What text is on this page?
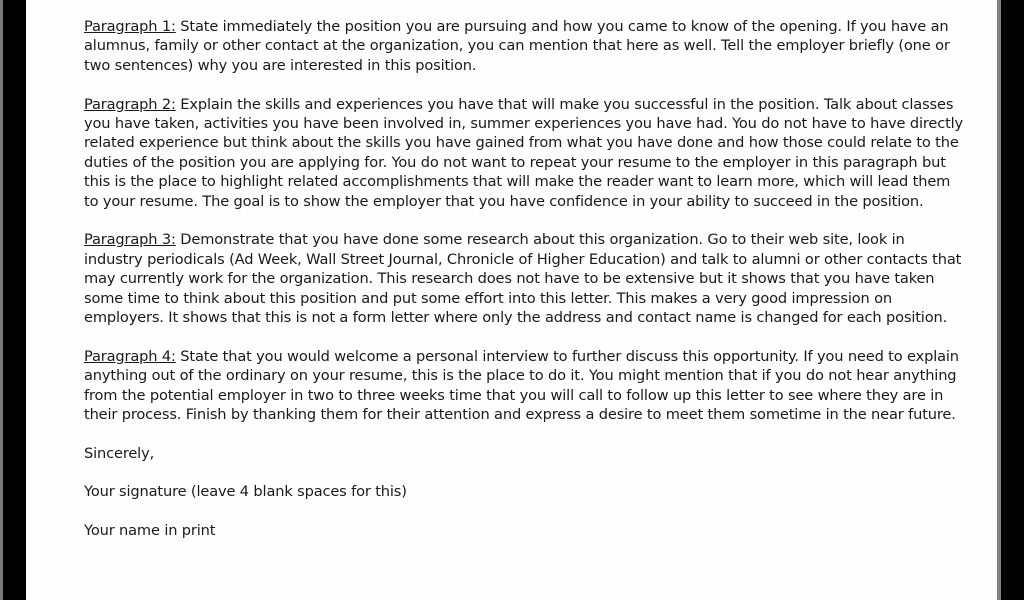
Paragraph 1: State immediately the position you are pursuing and how you came to know of the opening. If you have an alumnus, family or other contact at the organization, you can mention that here as well. Tell the employer briefly (one or two sentences) why you are interested in this position.

Paragraph 2: Explain the skills and experiences you have that will make you successful in the position. Talk about classes you have taken, activities you have been involved in, summer experiences you have had. You do not have to have directly related experience but think about the skills you have gained from what you have done and how those could relate to the duties of the position you are applying for. You do not want to repeat your resume to the employer in this paragraph but this is the place to highlight related accomplishments that will make the reader want to learn more, which will lead them to your resume. The goal is to show the employer that you have confidence in your ability to succeed in the position.

Paragraph 3: Demonstrate that you have done some research about this organization. Go to their web site, look in industry periodicals (Ad Week, Wall Street Journal, Chronicle of Higher Education) and talk to alumni or other contacts that may currently work for the organization. This research does not have to be extensive but it shows that you have taken some time to think about this position and put some effort into this letter. This makes a very good impression on employers. It shows that this is not a form letter where only the address and contact name is changed for each position.

Paragraph 4: State that you would welcome a personal interview to further discuss this opportunity. If you need to explain anything out of the ordinary on your resume, this is the place to do it. You might mention that if you do not hear anything from the potential employer in two to three weeks time that you will call to follow up this letter to see where they are in their process. Finish by thanking them for their attention and express a desire to meet them sometime in the near future.

Sincerely,

Your signature (leave 4 blank spaces for this)

Your name in print
